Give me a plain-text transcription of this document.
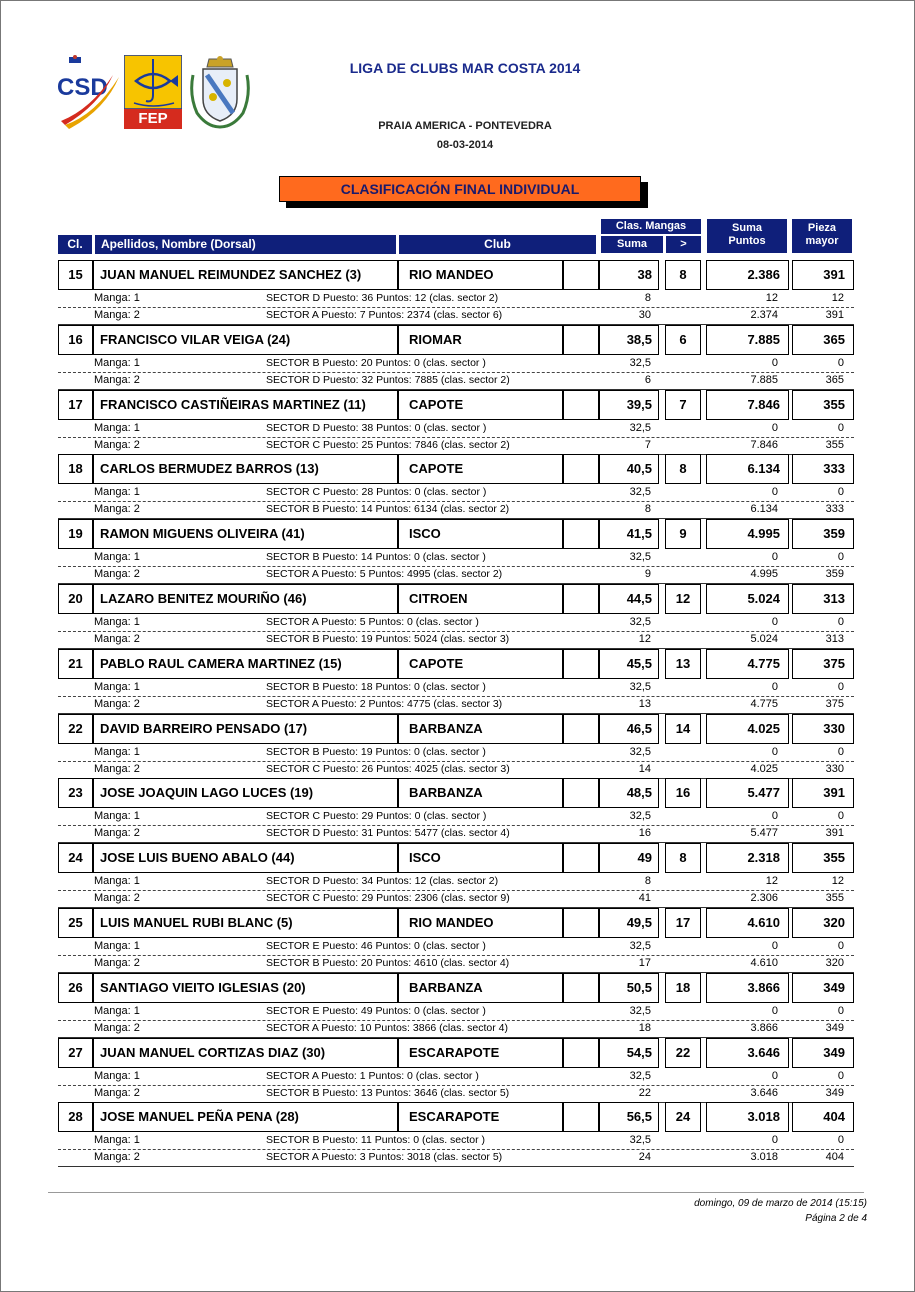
CSD
FEP
LIGA DE CLUBS MAR COSTA 2014
PRAIA AMERICA - PONTEVEDRA
08-03-2014
CLASIFICACIÓN FINAL INDIVIDUAL
Cl.	Apellidos, Nombre (Dorsal)	Club
Clas. Mangas
Suma	>
Suma
Puntos
Pieza
mayor
15	JUAN MANUEL REIMUNDEZ SANCHEZ (3)	RIO MANDEO	38	8	2.386	391
Manga: 1	SECTOR D Puesto: 36 Puntos: 12 (clas. sector 2)	8	12	12
Manga: 2	SECTOR A Puesto: 7 Puntos: 2374 (clas. sector 6)	30	2.374	391
16	FRANCISCO VILAR VEIGA (24)	RIOMAR	38,5	6	7.885	365
Manga: 1	SECTOR B Puesto: 20 Puntos: 0 (clas. sector )	32,5	0	0
Manga: 2	SECTOR D Puesto: 32 Puntos: 7885 (clas. sector 2)	6	7.885	365
17	FRANCISCO CASTIÑEIRAS MARTINEZ (11)	CAPOTE	39,5	7	7.846	355
Manga: 1	SECTOR D Puesto: 38 Puntos: 0 (clas. sector )	32,5	0	0
Manga: 2	SECTOR C Puesto: 25 Puntos: 7846 (clas. sector 2)	7	7.846	355
18	CARLOS BERMUDEZ BARROS (13)	CAPOTE	40,5	8	6.134	333
Manga: 1	SECTOR C Puesto: 28 Puntos: 0 (clas. sector )	32,5	0	0
Manga: 2	SECTOR B Puesto: 14 Puntos: 6134 (clas. sector 2)	8	6.134	333
19	RAMON MIGUENS OLIVEIRA (41)	ISCO	41,5	9	4.995	359
Manga: 1	SECTOR B Puesto: 14 Puntos: 0 (clas. sector )	32,5	0	0
Manga: 2	SECTOR A Puesto: 5 Puntos: 4995 (clas. sector 2)	9	4.995	359
20	LAZARO BENITEZ MOURIÑO (46)	CITROEN	44,5	12	5.024	313
Manga: 1	SECTOR A Puesto: 5 Puntos: 0 (clas. sector )	32,5	0	0
Manga: 2	SECTOR B Puesto: 19 Puntos: 5024 (clas. sector 3)	12	5.024	313
21	PABLO RAUL CAMERA MARTINEZ (15)	CAPOTE	45,5	13	4.775	375
Manga: 1	SECTOR B Puesto: 18 Puntos: 0 (clas. sector )	32,5	0	0
Manga: 2	SECTOR A Puesto: 2 Puntos: 4775 (clas. sector 3)	13	4.775	375
22	DAVID BARREIRO PENSADO (17)	BARBANZA	46,5	14	4.025	330
Manga: 1	SECTOR B Puesto: 19 Puntos: 0 (clas. sector )	32,5	0	0
Manga: 2	SECTOR C Puesto: 26 Puntos: 4025 (clas. sector 3)	14	4.025	330
23	JOSE JOAQUIN LAGO LUCES (19)	BARBANZA	48,5	16	5.477	391
Manga: 1	SECTOR C Puesto: 29 Puntos: 0 (clas. sector )	32,5	0	0
Manga: 2	SECTOR D Puesto: 31 Puntos: 5477 (clas. sector 4)	16	5.477	391
24	JOSE LUIS BUENO ABALO (44)	ISCO	49	8	2.318	355
Manga: 1	SECTOR D Puesto: 34 Puntos: 12 (clas. sector 2)	8	12	12
Manga: 2	SECTOR C Puesto: 29 Puntos: 2306 (clas. sector 9)	41	2.306	355
25	LUIS MANUEL RUBI BLANC (5)	RIO MANDEO	49,5	17	4.610	320
Manga: 1	SECTOR E Puesto: 46 Puntos: 0 (clas. sector )	32,5	0	0
Manga: 2	SECTOR B Puesto: 20 Puntos: 4610 (clas. sector 4)	17	4.610	320
26	SANTIAGO VIEITO IGLESIAS (20)	BARBANZA	50,5	18	3.866	349
Manga: 1	SECTOR E Puesto: 49 Puntos: 0 (clas. sector )	32,5	0	0
Manga: 2	SECTOR A Puesto: 10 Puntos: 3866 (clas. sector 4)	18	3.866	349
27	JUAN MANUEL CORTIZAS DIAZ (30)	ESCARAPOTE	54,5	22	3.646	349
Manga: 1	SECTOR A Puesto: 1 Puntos: 0 (clas. sector )	32,5	0	0
Manga: 2	SECTOR B Puesto: 13 Puntos: 3646 (clas. sector 5)	22	3.646	349
28	JOSE MANUEL PEÑA PENA (28)	ESCARAPOTE	56,5	24	3.018	404
Manga: 1	SECTOR B Puesto: 11 Puntos: 0 (clas. sector )	32,5	0	0
Manga: 2	SECTOR A Puesto: 3 Puntos: 3018 (clas. sector 5)	24	3.018	404
domingo, 09 de marzo de 2014 (15:15)
Página 2 de 4
